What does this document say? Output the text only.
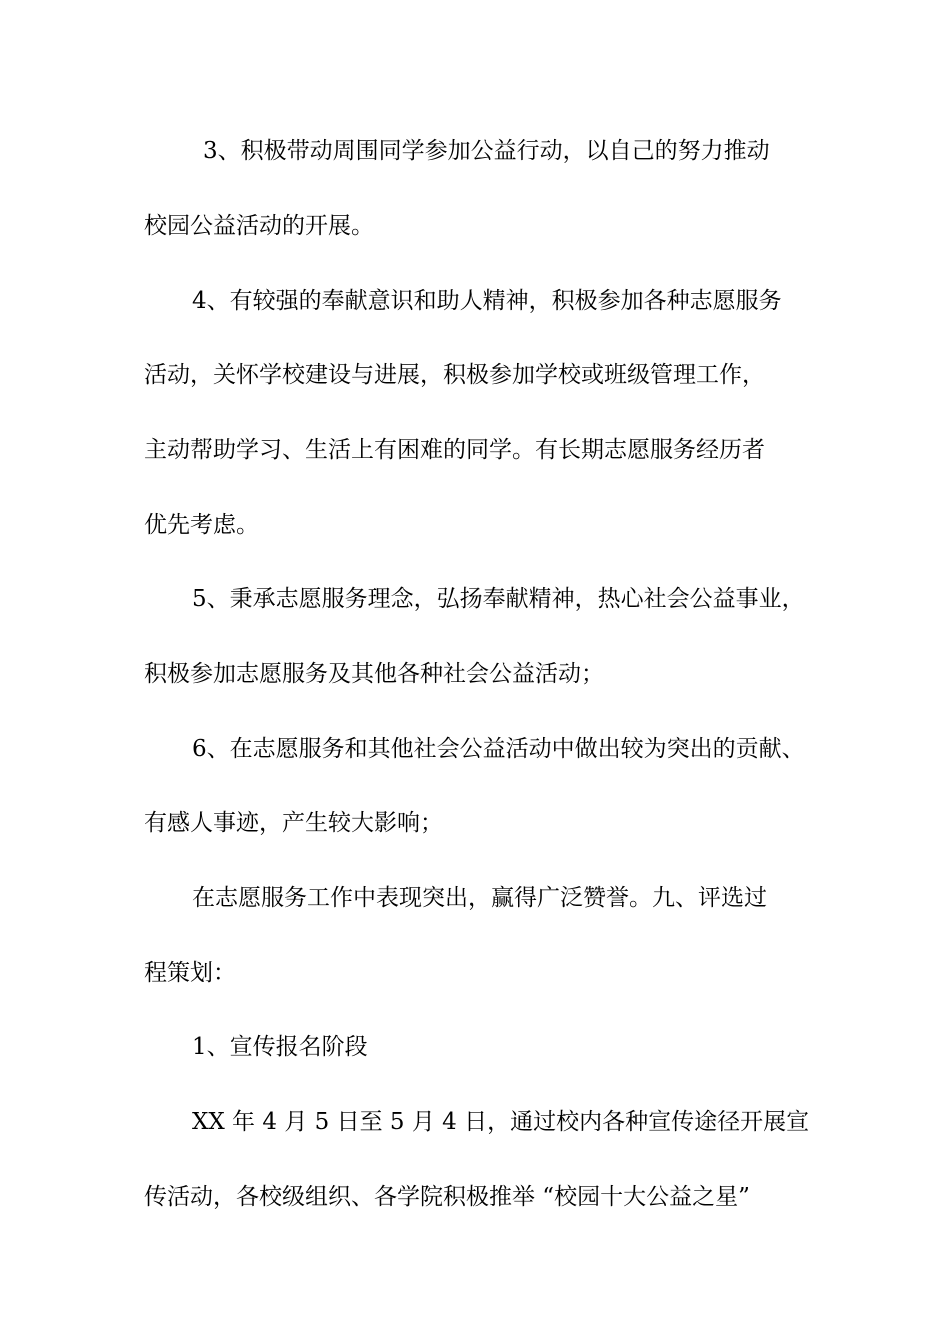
3、积极带动周围同学参加公益行动，以自己的努力推动
校园公益活动的开展。
4、有较强的奉献意识和助人精神，积极参加各种志愿服务
活动，关怀学校建设与进展，积极参加学校或班级管理工作，
主动帮助学习、生活上有困难的同学。有长期志愿服务经历者
优先考虑。
5、秉承志愿服务理念，弘扬奉献精神，热心社会公益事业，
积极参加志愿服务及其他各种社会公益活动；
6、在志愿服务和其他社会公益活动中做出较为突出的贡献、
有感人事迹，产生较大影响；
在志愿服务工作中表现突出，赢得广泛赞誉。九、评选过
程策划：
1、宣传报名阶段
XX 年 4 月 5 日至 5 月 4 日，通过校内各种宣传途径开展宣
传活动，各校级组织、各学院积极推举 “校园十大公益之星”
